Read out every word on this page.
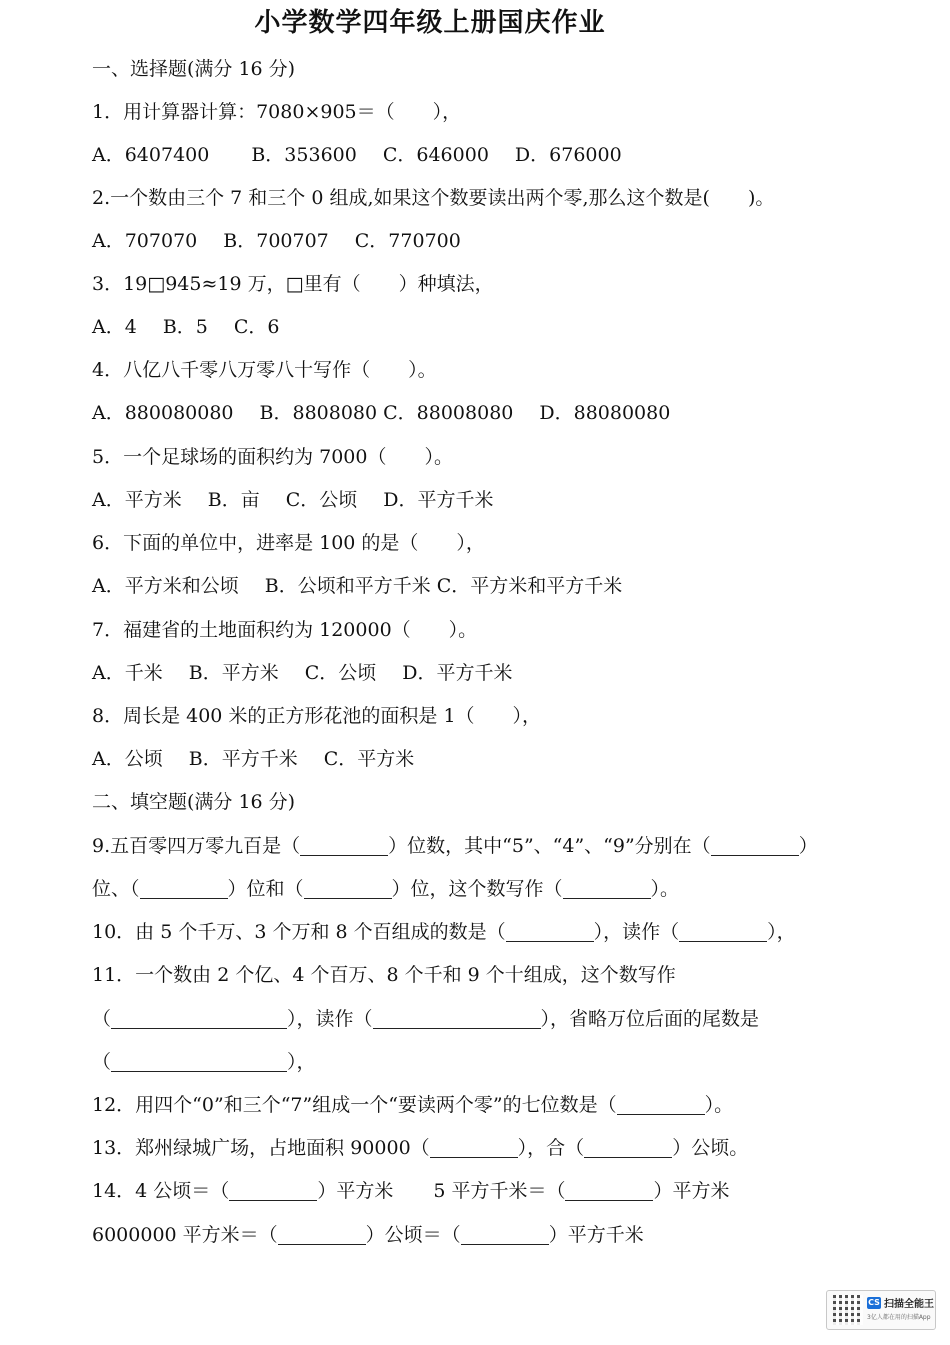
小学数学四年级上册国庆作业
一、选择题(满分 16 分)
1．用计算器计算：7080×905＝（　　），
A．6407400 B．353600 C．646000 D．676000
2.一个数由三个 7 和三个 0 组成,如果这个数要读出两个零,那么这个数是(　　)。
A．707070 B．700707 C．770700
3．19□945≈19 万，□里有（　　）种填法，
A．4 B．5 C．6
4．八亿八千零八万零八十写作（　　）。
A．880080080 B．8808080 C．88008080 D．88080080
5．一个足球场的面积约为 7000（　　）。
A．平方米 B．亩 C．公顷 D．平方千米
6．下面的单位中，进率是 100 的是（　　），
A．平方米和公顷 B．公顷和平方千米 C．平方米和平方千米
7．福建省的土地面积约为 120000（　　）。
A．千米 B．平方米 C．公顷 D．平方千米
8．周长是 400 米的正方形花池的面积是 1（　　），
A．公顷 B．平方千米 C．平方米
二、填空题(满分 16 分)
9.五百零四万零九百是（	）位数，其中“5”、“4”、“9”分别在（	）
位、（	）位和（	）位，这个数写作（	）。
10．由 5 个千万、3 个万和 8 个百组成的数是（	），读作（	），
11．一个数由 2 个亿、4 个百万、8 个千和 9 个十组成，这个数写作
（	），读作（	），省略万位后面的尾数是
（	），
12．用四个“0”和三个“7”组成一个“要读两个零”的七位数是（	）。
13．郑州绿城广场，占地面积 90000（	），合（	）公顷。
14．4 公顷＝（	）平方米 5 平方千米＝（	）平方米
6000000 平方米＝（	）公顷＝（	）平方千米
CS 扫描全能王
3亿人都在用的扫描App
